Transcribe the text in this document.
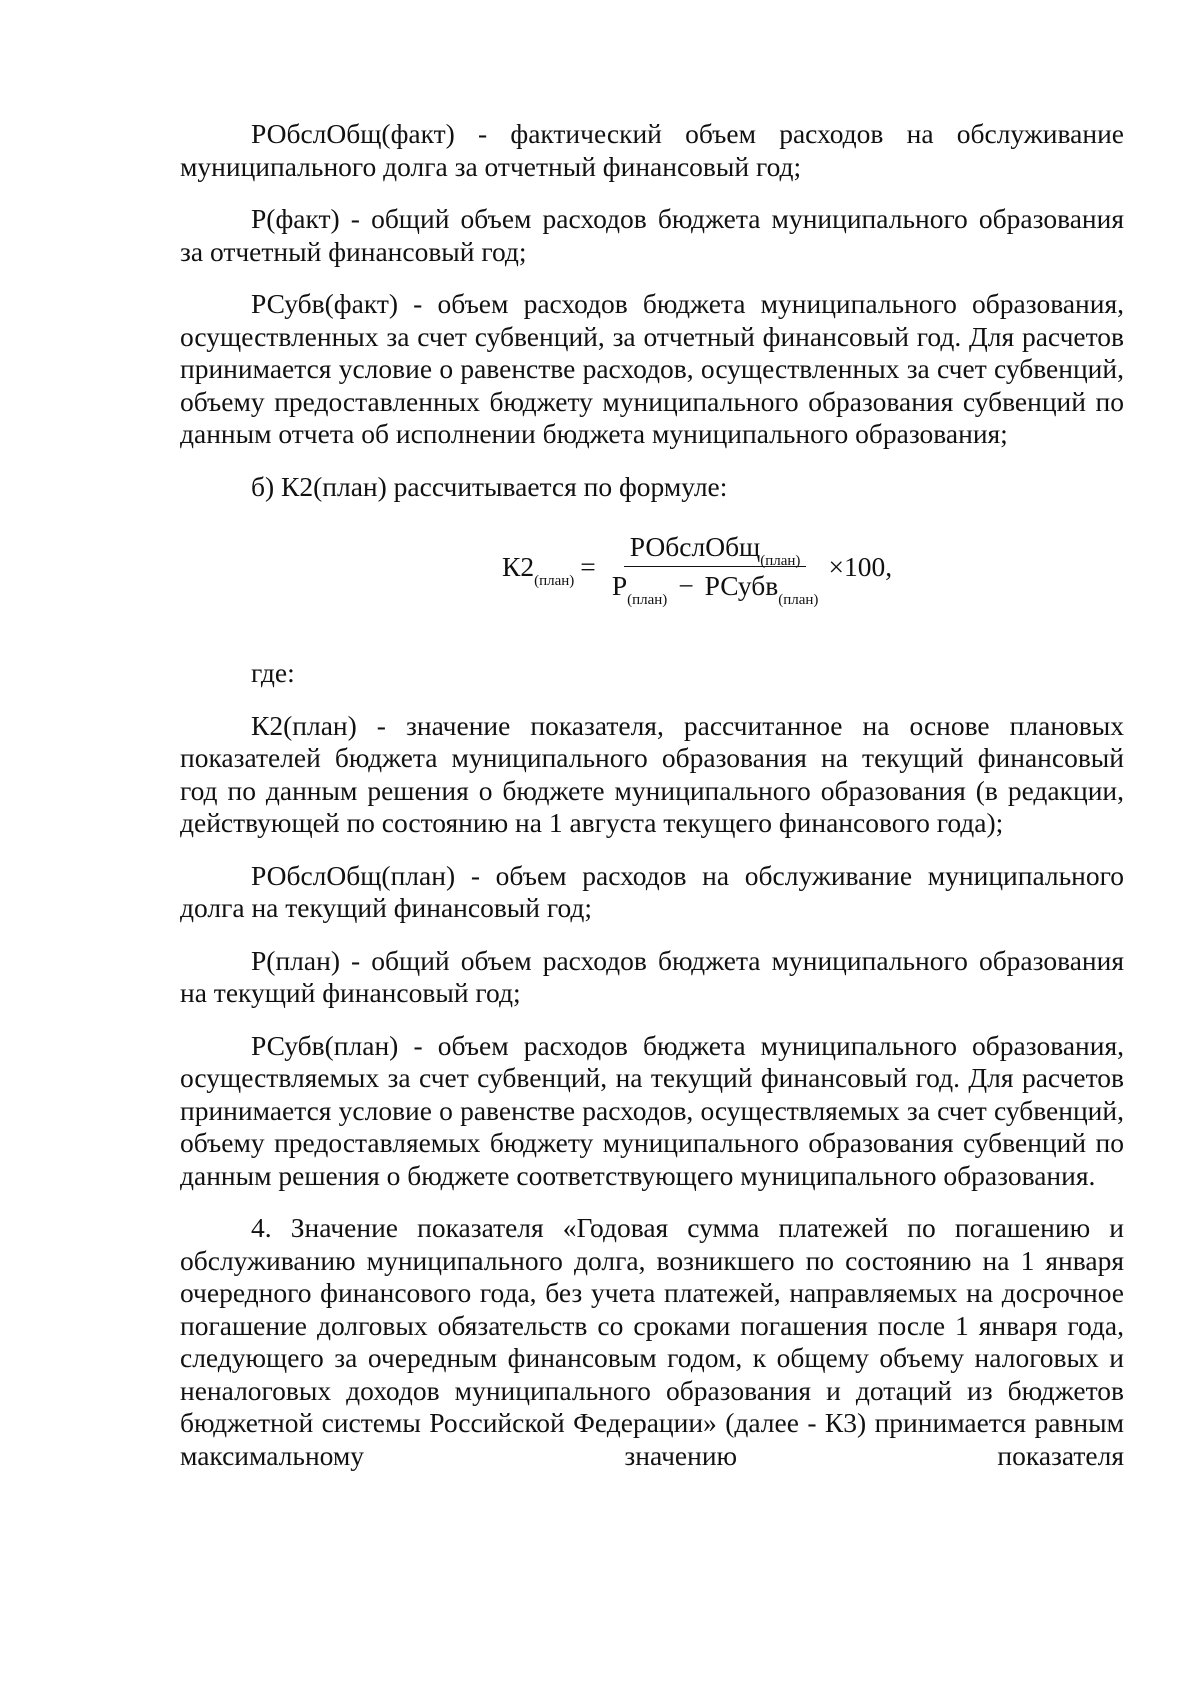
РОбслОбщ(факт) - фактический объем расходов на обслуживание муниципального долга за отчетный финансовый год;

Р(факт) - общий объем расходов бюджета муниципального образования за отчетный финансовый год;

РСубв(факт) - объем расходов бюджета муниципального образования, осуществленных за счет субвенций, за отчетный финансовый год. Для расчетов принимается условие о равенстве расходов, осуществленных за счет субвенций, объему предоставленных бюджету муниципального образования субвенций по данным отчета об исполнении бюджета муниципального образования;

б) К2(план) рассчитывается по формуле:

$К2_{(план)} = \frac{РОбслОбщ_{(план)}}{Р_{(план)} - РСубв_{(план)}} \times 100$,

где:

К2(план) - значение показателя, рассчитанное на основе плановых показателей бюджета муниципального образования на текущий финансовый год по данным решения о бюджете муниципального образования (в редакции, действующей по состоянию на 1 августа текущего финансового года);

РОбслОбщ(план) - объем расходов на обслуживание муниципального долга на текущий финансовый год;

Р(план) - общий объем расходов бюджета муниципального образования на текущий финансовый год;

РСубв(план) - объем расходов бюджета муниципального образования, осуществляемых за счет субвенций, на текущий финансовый год. Для расчетов принимается условие о равенстве расходов, осуществляемых за счет субвенций, объему предоставляемых бюджету муниципального образования субвенций по данным решения о бюджете соответствующего муниципального образования.

4. Значение показателя «Годовая сумма платежей по погашению и обслуживанию муниципального долга, возникшего по состоянию на 1 января очередного финансового года, без учета платежей, направляемых на досрочное погашение долговых обязательств со сроками погашения после 1 января года, следующего за очередным финансовым годом, к общему объему налоговых и неналоговых доходов муниципального образования и дотаций из бюджетов бюджетной системы Российской Федерации» (далее - К3) принимается равным максимальному значению показателя
